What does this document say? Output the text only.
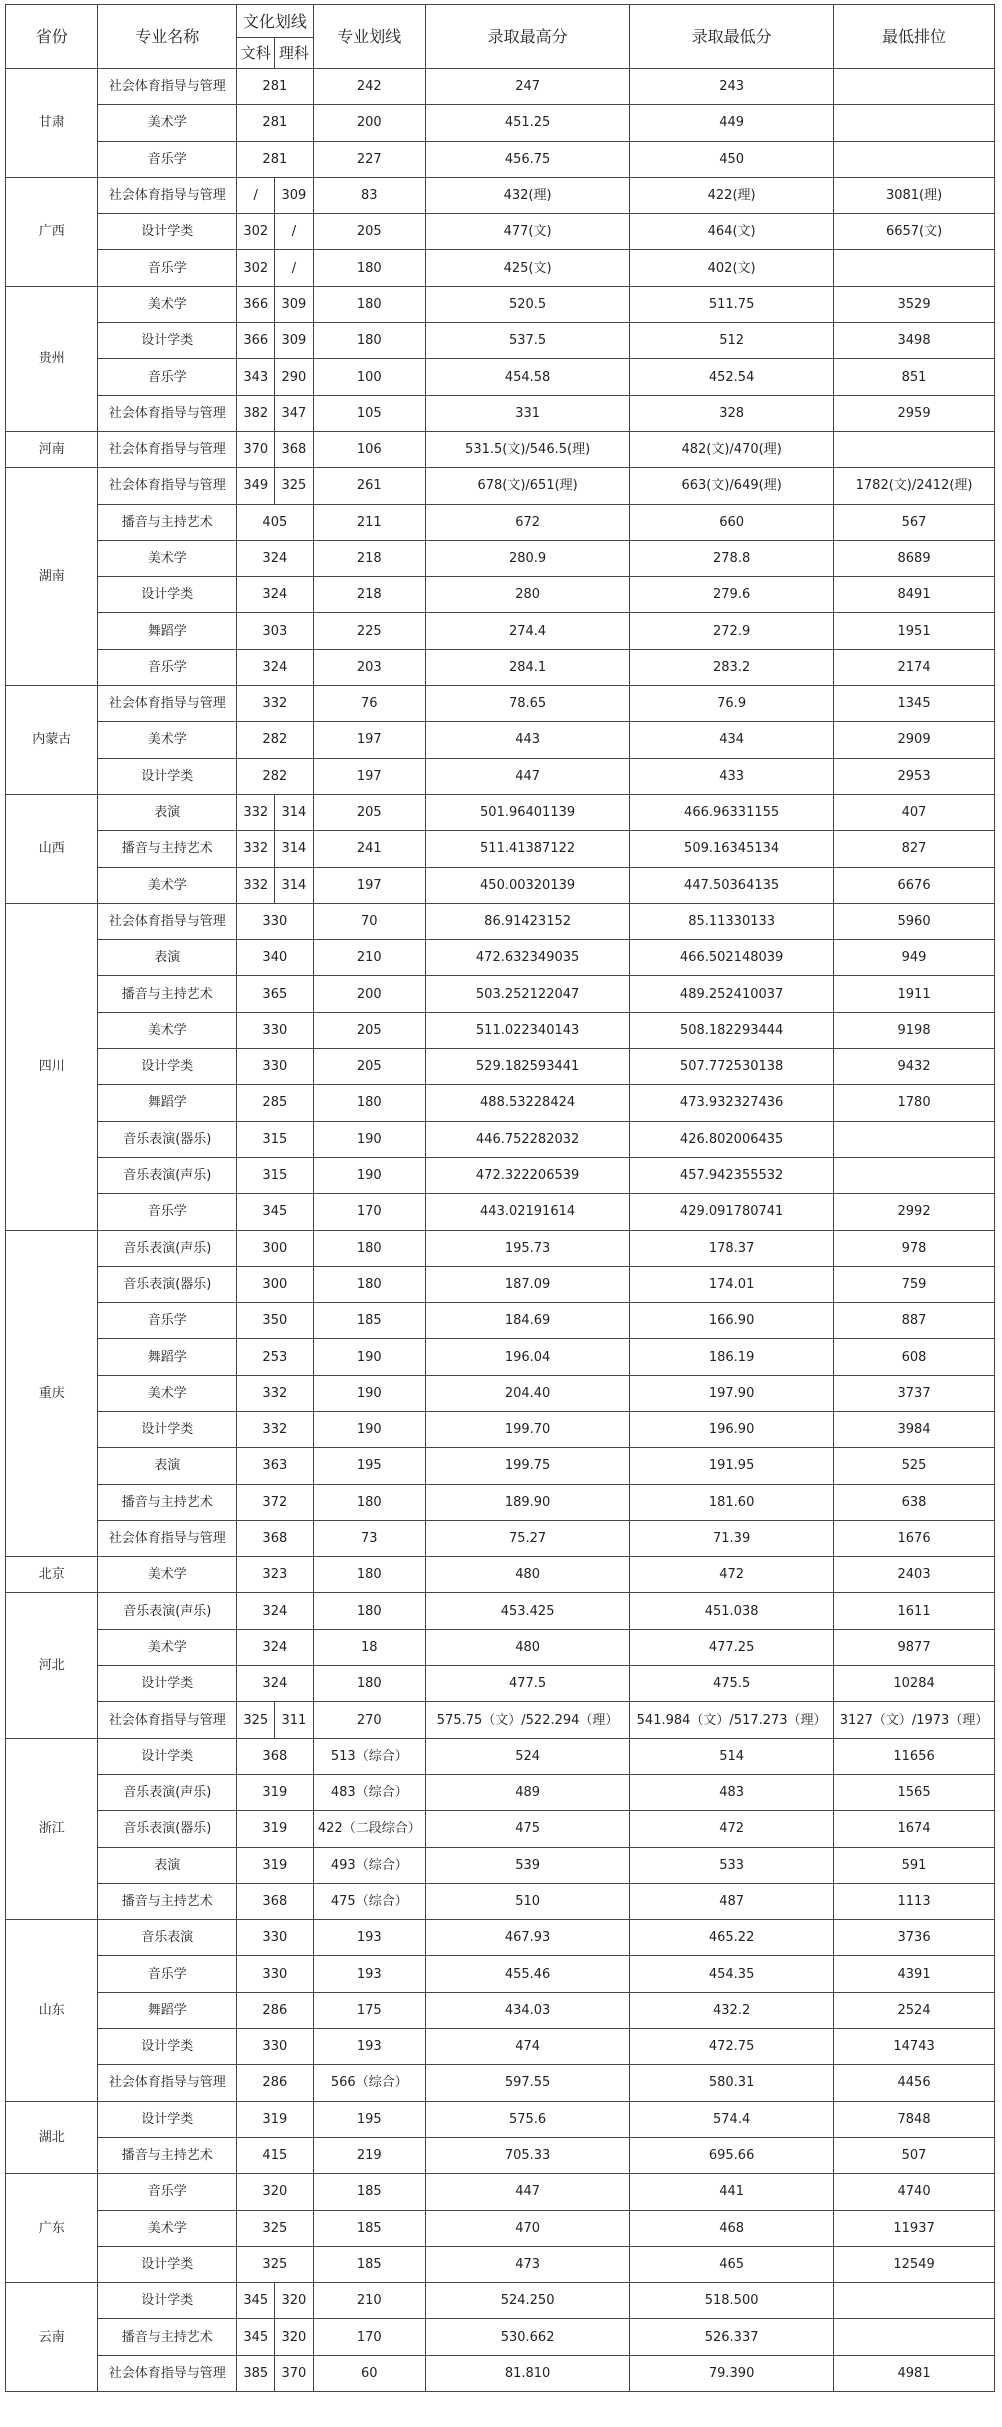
省份	专业名称	文化划线		专业划线	录取最高分	录取最低分	最低排位
		文科	理科				
甘肃	社会体育指导与管理	281		242	247	243	
	美术学	281		200	451.25	449	
	音乐学	281		227	456.75	450	
广西	社会体育指导与管理	/	309	83	432(理)	422(理)	3081(理)
	设计学类	302	/	205	477(文)	464(文)	6657(文)
	音乐学	302	/	180	425(文)	402(文)	
贵州	美术学	366	309	180	520.5	511.75	3529
	设计学类	366	309	180	537.5	512	3498
	音乐学	343	290	100	454.58	452.54	851
	社会体育指导与管理	382	347	105	331	328	2959
河南	社会体育指导与管理	370	368	106	531.5(文)/546.5(理)	482(文)/470(理)	
湖南	社会体育指导与管理	349	325	261	678(文)/651(理)	663(文)/649(理)	1782(文)/2412(理)
	播音与主持艺术	405		211	672	660	567
	美术学	324		218	280.9	278.8	8689
	设计学类	324		218	280	279.6	8491
	舞蹈学	303		225	274.4	272.9	1951
	音乐学	324		203	284.1	283.2	2174
内蒙古	社会体育指导与管理	332		76	78.65	76.9	1345
	美术学	282		197	443	434	2909
	设计学类	282		197	447	433	2953
山西	表演	332	314	205	501.96401139	466.96331155	407
	播音与主持艺术	332	314	241	511.41387122	509.16345134	827
	美术学	332	314	197	450.00320139	447.50364135	6676
四川	社会体育指导与管理	330		70	86.91423152	85.11330133	5960
	表演	340		210	472.632349035	466.502148039	949
	播音与主持艺术	365		200	503.252122047	489.252410037	1911
	美术学	330		205	511.022340143	508.182293444	9198
	设计学类	330		205	529.182593441	507.772530138	9432
	舞蹈学	285		180	488.53228424	473.932327436	1780
	音乐表演(器乐)	315		190	446.752282032	426.802006435	
	音乐表演(声乐)	315		190	472.322206539	457.942355532	
	音乐学	345		170	443.02191614	429.091780741	2992
重庆	音乐表演(声乐)	300		180	195.73	178.37	978
	音乐表演(器乐)	300		180	187.09	174.01	759
	音乐学	350		185	184.69	166.90	887
	舞蹈学	253		190	196.04	186.19	608
	美术学	332		190	204.40	197.90	3737
	设计学类	332		190	199.70	196.90	3984
	表演	363		195	199.75	191.95	525
	播音与主持艺术	372		180	189.90	181.60	638
	社会体育指导与管理	368		73	75.27	71.39	1676
北京	美术学	323		180	480	472	2403
河北	音乐表演(声乐)	324		180	453.425	451.038	1611
	美术学	324		18	480	477.25	9877
	设计学类	324		180	477.5	475.5	10284
	社会体育指导与管理	325	311	270	575.75（文）/522.294（理）	541.984（文）/517.273（理）	3127（文）/1973（理）
浙江	设计学类	368		513（综合）	524	514	11656
	音乐表演(声乐)	319		483（综合）	489	483	1565
	音乐表演(器乐)	319		422（二段综合）	475	472	1674
	表演	319		493（综合）	539	533	591
	播音与主持艺术	368		475（综合）	510	487	1113
山东	音乐表演	330		193	467.93	465.22	3736
	音乐学	330		193	455.46	454.35	4391
	舞蹈学	286		175	434.03	432.2	2524
	设计学类	330		193	474	472.75	14743
	社会体育指导与管理	286		566（综合）	597.55	580.31	4456
湖北	设计学类	319		195	575.6	574.4	7848
	播音与主持艺术	415		219	705.33	695.66	507
广东	音乐学	320		185	447	441	4740
	美术学	325		185	470	468	11937
	设计学类	325		185	473	465	12549
云南	设计学类	345	320	210	524.250	518.500	
	播音与主持艺术	345	320	170	530.662	526.337	
	社会体育指导与管理	385	370	60	81.810	79.390	4981
